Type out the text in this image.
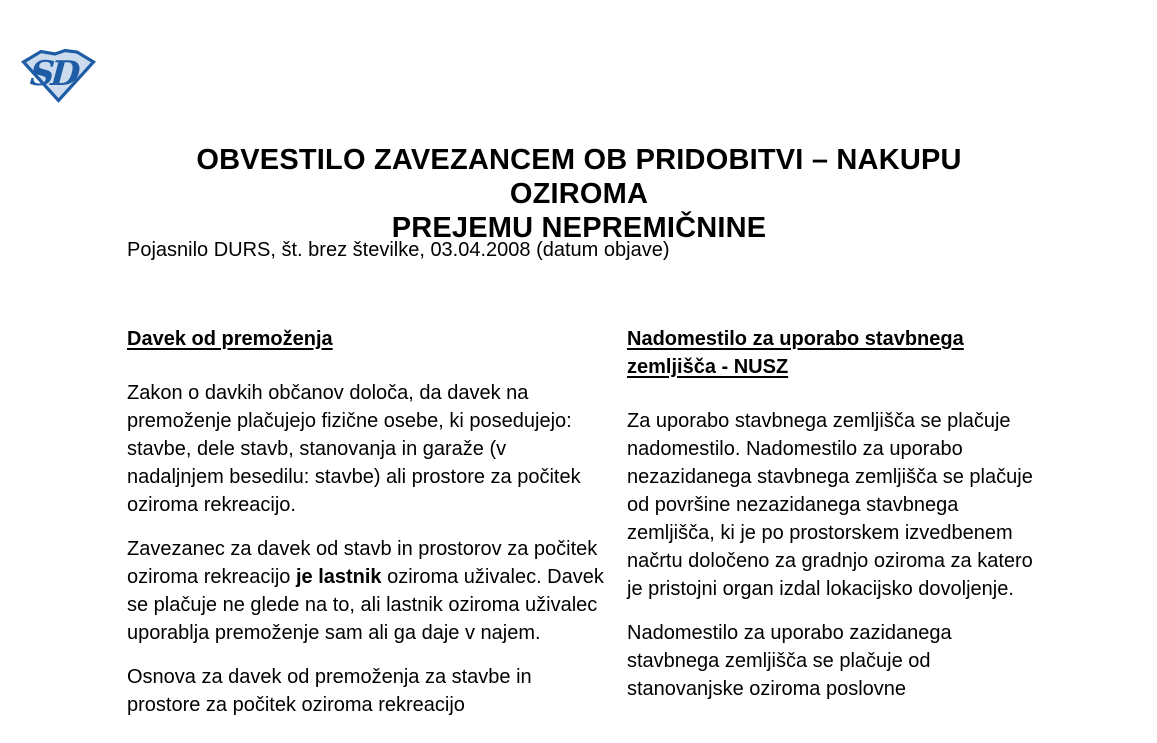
SD
OBVESTILO ZAVEZANCEM OB PRIDOBITVI – NAKUPU OZIROMA
PREJEMU NEPREMIČNINE
Pojasnilo DURS, št. brez številke, 03.04.2008 (datum objave)
Davek od premoženja

Zakon o davkih občanov določa, da davek na premoženje plačujejo fizične osebe, ki posedujejo: stavbe, dele stavb, stanovanja in garaže (v nadaljnjem besedilu: stavbe) ali prostore za počitek oziroma rekreacijo.

Zavezanec za davek od stavb in prostorov za počitek oziroma rekreacijo je lastnik oziroma uživalec. Davek se plačuje ne glede na to, ali lastnik oziroma uživalec uporablja premoženje sam ali ga daje v najem.

Osnova za davek od premoženja za stavbe in prostore za počitek oziroma rekreacijo

Nadomestilo za uporabo stavbnega zemljišča - NUSZ

Za uporabo stavbnega zemljišča se plačuje nadomestilo. Nadomestilo za uporabo nezazidanega stavbnega zemljišča se plačuje od površine nezazidanega stavbnega zemljišča, ki je po prostorskem izvedbenem načrtu določeno za gradnjo oziroma za katero je pristojni organ izdal lokacijsko dovoljenje.

Nadomestilo za uporabo zazidanega stavbnega zemljišča se plačuje od stanovanjske oziroma poslovne
